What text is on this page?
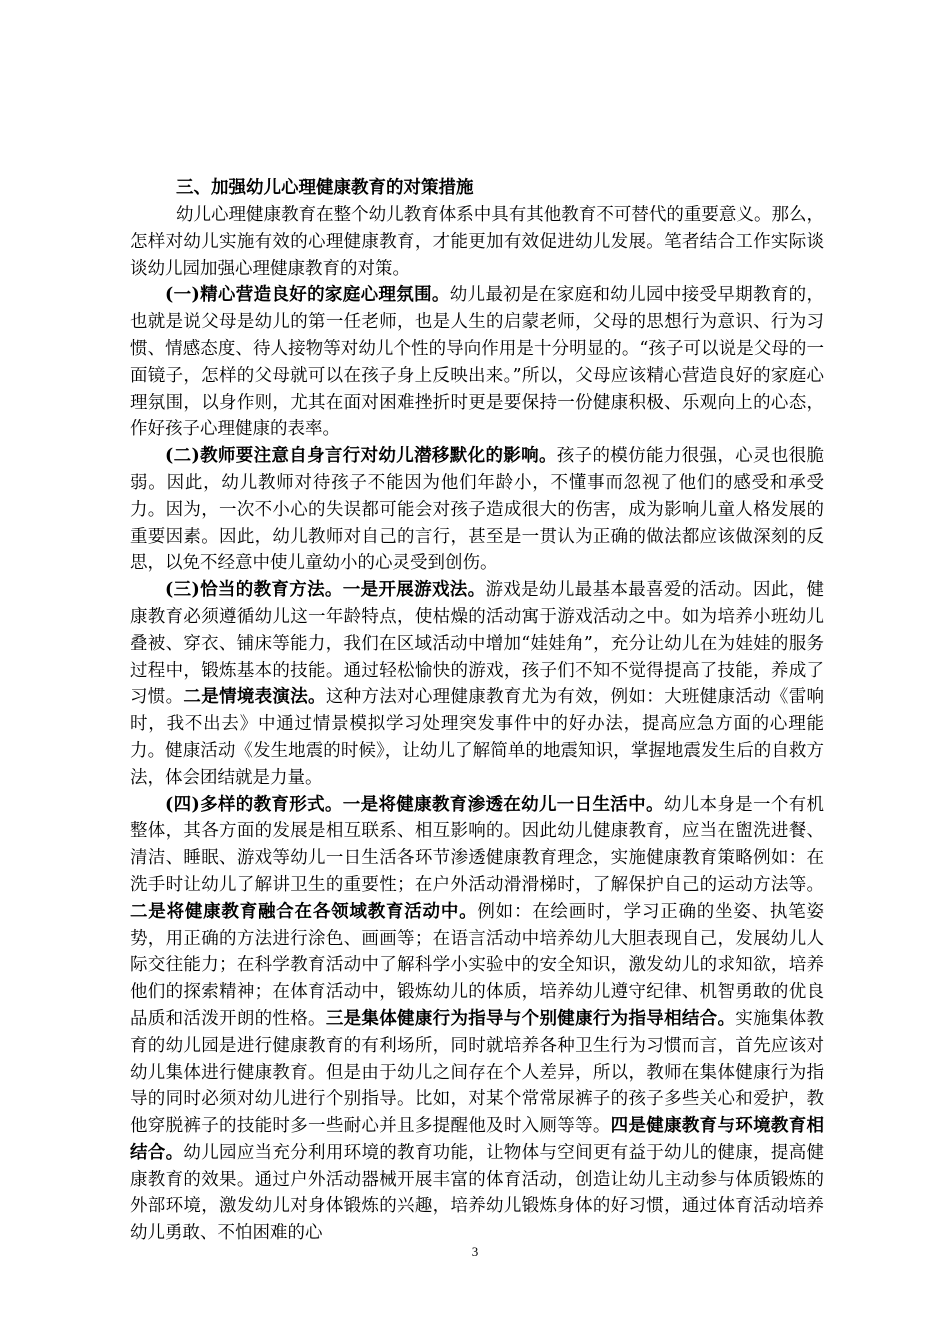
三、加强幼儿心理健康教育的对策措施

幼儿心理健康教育在整个幼儿教育体系中具有其他教育不可替代的重要意义。那么，怎样对幼儿实施有效的心理健康教育，才能更加有效促进幼儿发展。笔者结合工作实际谈谈幼儿园加强心理健康教育的对策。

(一)精心营造良好的家庭心理氛围。幼儿最初是在家庭和幼儿园中接受早期教育的，也就是说父母是幼儿的第一任老师，也是人生的启蒙老师，父母的思想行为意识、行为习惯、情感态度、待人接物等对幼儿个性的导向作用是十分明显的。“孩子可以说是父母的一面镜子，怎样的父母就可以在孩子身上反映出来。”所以，父母应该精心营造良好的家庭心理氛围，以身作则，尤其在面对困难挫折时更是要保持一份健康积极、乐观向上的心态，作好孩子心理健康的表率。

(二)教师要注意自身言行对幼儿潜移默化的影响。孩子的模仿能力很强，心灵也很脆弱。因此，幼儿教师对待孩子不能因为他们年龄小，不懂事而忽视了他们的感受和承受力。因为，一次不小心的失误都可能会对孩子造成很大的伤害，成为影响儿童人格发展的重要因素。因此，幼儿教师对自己的言行，甚至是一贯认为正确的做法都应该做深刻的反思，以免不经意中使儿童幼小的心灵受到创伤。

(三)恰当的教育方法。一是开展游戏法。游戏是幼儿最基本最喜爱的活动。因此，健康教育必须遵循幼儿这一年龄特点，使枯燥的活动寓于游戏活动之中。如为培养小班幼儿叠被、穿衣、铺床等能力，我们在区域活动中增加“娃娃角”，充分让幼儿在为娃娃的服务过程中，锻炼基本的技能。通过轻松愉快的游戏，孩子们不知不觉得提高了技能，养成了习惯。二是情境表演法。这种方法对心理健康教育尤为有效，例如：大班健康活动《雷响时，我不出去》中通过情景模拟学习处理突发事件中的好办法，提高应急方面的心理能力。健康活动《发生地震的时候》，让幼儿了解简单的地震知识，掌握地震发生后的自救方法，体会团结就是力量。

(四)多样的教育形式。一是将健康教育渗透在幼儿一日生活中。幼儿本身是一个有机整体，其各方面的发展是相互联系、相互影响的。因此幼儿健康教育，应当在盥洗进餐、清洁、睡眠、游戏等幼儿一日生活各环节渗透健康教育理念，实施健康教育策略例如：在洗手时让幼儿了解讲卫生的重要性；在户外活动滑滑梯时，了解保护自己的运动方法等。二是将健康教育融合在各领域教育活动中。例如：在绘画时，学习正确的坐姿、执笔姿势，用正确的方法进行涂色、画画等；在语言活动中培养幼儿大胆表现自己，发展幼儿人际交往能力；在科学教育活动中了解科学小实验中的安全知识，激发幼儿的求知欲，培养他们的探索精神；在体育活动中，锻炼幼儿的体质，培养幼儿遵守纪律、机智勇敢的优良品质和活泼开朗的性格。三是集体健康行为指导与个别健康行为指导相结合。实施集体教育的幼儿园是进行健康教育的有利场所，同时就培养各种卫生行为习惯而言，首先应该对幼儿集体进行健康教育。但是由于幼儿之间存在个人差异，所以，教师在集体健康行为指导的同时必须对幼儿进行个别指导。比如，对某个常常尿裤子的孩子多些关心和爱护，教他穿脱裤子的技能时多一些耐心并且多提醒他及时入厕等等。四是健康教育与环境教育相结合。幼儿园应当充分利用环境的教育功能，让物体与空间更有益于幼儿的健康，提高健康教育的效果。通过户外活动器械开展丰富的体育活动，创造让幼儿主动参与体质锻炼的外部环境，激发幼儿对身体锻炼的兴趣，培养幼儿锻炼身体的好习惯，通过体育活动培养幼儿勇敢、不怕困难的心

3
